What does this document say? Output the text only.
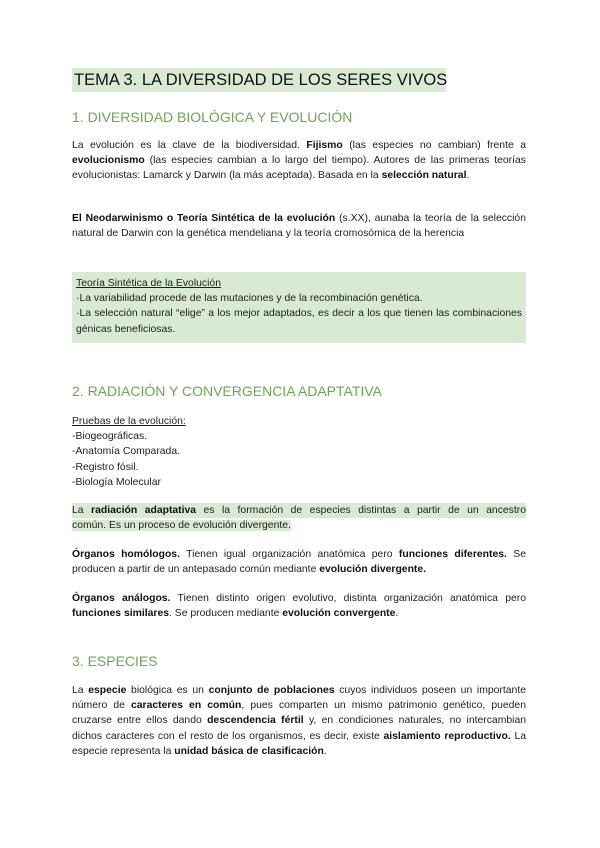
TEMA 3. LA DIVERSIDAD DE LOS SERES VIVOS
1. DIVERSIDAD BIOLÓGICA Y EVOLUCIÓN

La evolución es la clave de la biodiversidad. Fijismo (las especies no cambian) frente a evolucionismo (las especies cambian a lo largo del tiempo). Autores de las primeras teorías evolucionistas: Lamarck y Darwin (la más aceptada). Basada en la selección natural.

El Neodarwinismo o Teoría Sintética de la evolución (s.XX), aunaba la teoría de la selección natural de Darwin con la genética mendeliana y la teoría cromosómica de la herencia

Teoría Sintética de la Evolución
·La variabilidad procede de las mutaciones y de la recombinación genética.
·La selección natural “elige” a los mejor adaptados, es decir a los que tienen las combinaciones génicas beneficiosas.
2. RADIACIÓN Y CONVERGENCIA ADAPTATIVA
Pruebas de la evolución:
-Biogeográficas.
-Anatomía Comparada.
-Registro fósil.
-Biología Molecular

La radiación adaptativa es la formación de especies distintas a partir de un ancestro
común. Es un proceso de evolución divergente.

Órganos homólogos. Tienen igual organización anatómica pero funciones diferentes. Se producen a partir de un antepasado común mediante evolución divergente.

Órganos análogos. Tienen distinto origen evolutivo, distinta organización anatómica pero funciones similares. Se producen mediante evolución convergente.

3. ESPECIES

La especie biológica es un conjunto de poblaciones cuyos individuos poseen un importante número de caracteres en común, pues comparten un mismo patrimonio genético, pueden cruzarse entre ellos dando descendencia fértil y, en condiciones naturales, no intercambian dichos caracteres con el resto de los organismos, es decir, existe aislamiento reproductivo. La especie representa la unidad básica de clasificación.
